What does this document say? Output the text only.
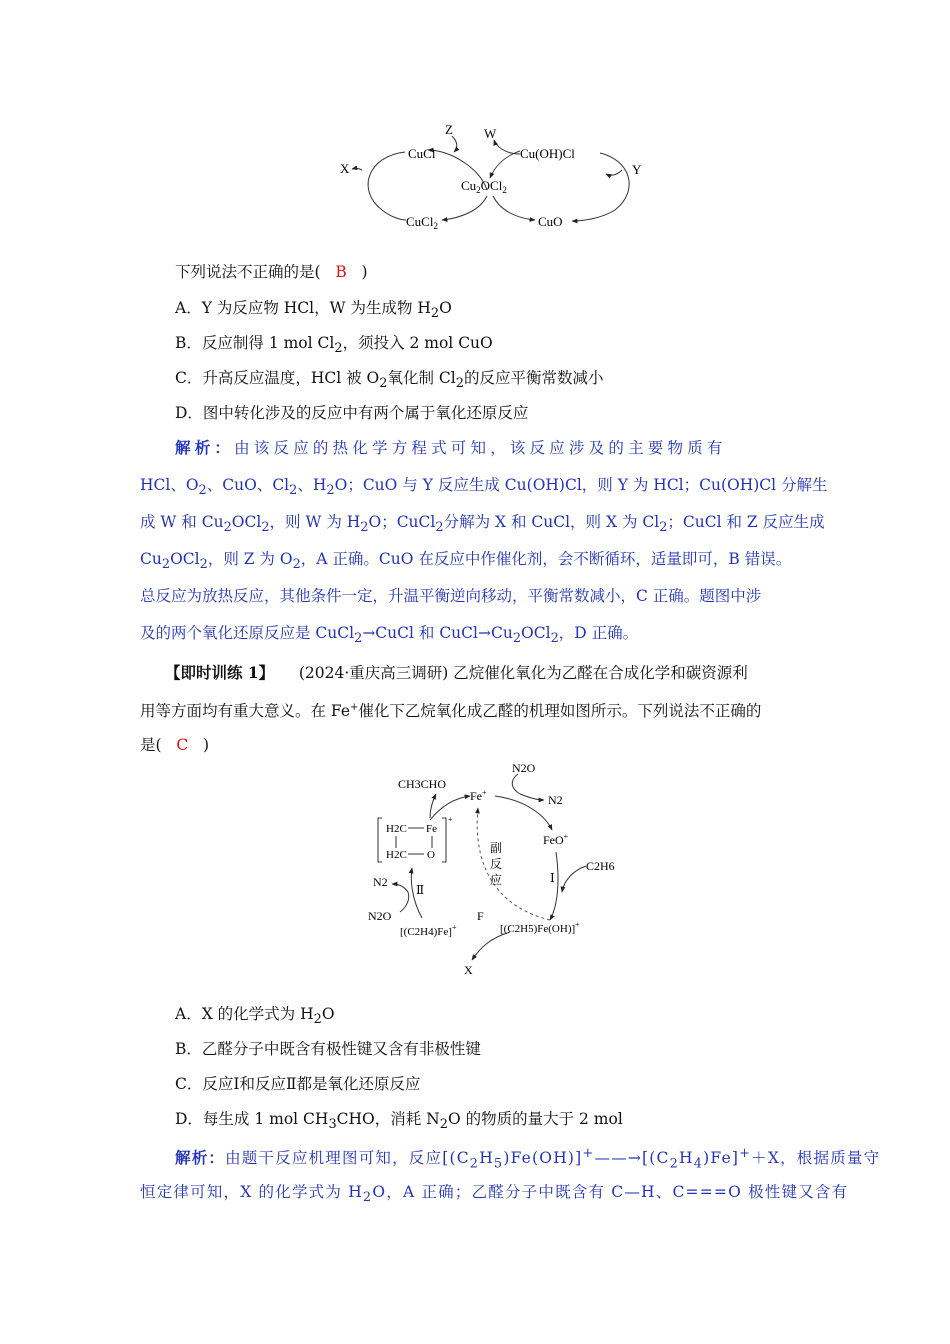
CuCl	Cu(OH)Cl
$Cu_2OCl_2$
CuCl$_2$	CuO
X	Y
Z W
下列说法不正确的是( B )
A．Y 为反应物 HCl，W 为生成物 $H_2O$
B．反应制得 1 mol $Cl_2$，须投入 2 mol CuO
C．升高反应温度，HCl 被 $O_2$氧化制 $Cl_2$的反应平衡常数减小
D．图中转化涉及的反应中有两个属于氧化还原反应
解析：由该反应的热化学方程式可知，该反应涉及的主要物质有
HCl、$O_2$、CuO、$Cl_2$、$H_2O$；CuO 与 Y 反应生成 Cu(OH)Cl，则 Y 为 HCl；Cu(OH)Cl 分解生
成 W 和 $Cu_2OCl_2$，则 W 为 $H_2O$；CuCl$_2$分解为 X 和 CuCl，则 X 为 $Cl_2$；CuCl 和 Z 反应生成
$Cu_2OCl_2$，则 Z 为 $O_2$，A 正确。CuO 在反应中作催化剂，会不断循环，适量即可，B 错误。
总反应为放热反应，其他条件一定，升温平衡逆向移动，平衡常数减小，C 正确。题图中涉
及的两个氧化还原反应是 CuCl$_2$→CuCl 和 $CuCl\to Cu_2OCl_2$，D 正确。
【即时训练 1】 (2024·重庆高三调研) 乙烷催化氧化为乙醛在合成化学和碳资源利
用等方面均有重大意义。在 Fe+催化下乙烷氧化成乙醛的机理如图所示。下列说法不正确的
是( C )
CH3CHO
Fe+
N2O
N2
FeO+
C2H6
Ⅰ
Ⅱ
副
反
应
F
N2
N2O
[(C2H4)Fe]+	[(C2H5)Fe(OH)]+
X
H2C Fe
H2C O
+
A．X 的化学式为 $H_2O$
B．乙醛分子中既含有极性键又含有非极性键
C．反应Ⅰ和反应Ⅱ都是氧化还原反应
D．每生成 1 mol $CH_3CHO$，消耗 $N_2O$ 的物质的量大于 2 mol
解析：由题干反应机理图可知，反应$[(C_2H_5)Fe(OH)]^+——\to[(C_2H_4)Fe]^++X$，根据质量守
恒定律可知，X 的化学式为 $H_2O$，A 正确；乙醛分子中既含有 C—H、C===O 极性键又含有
